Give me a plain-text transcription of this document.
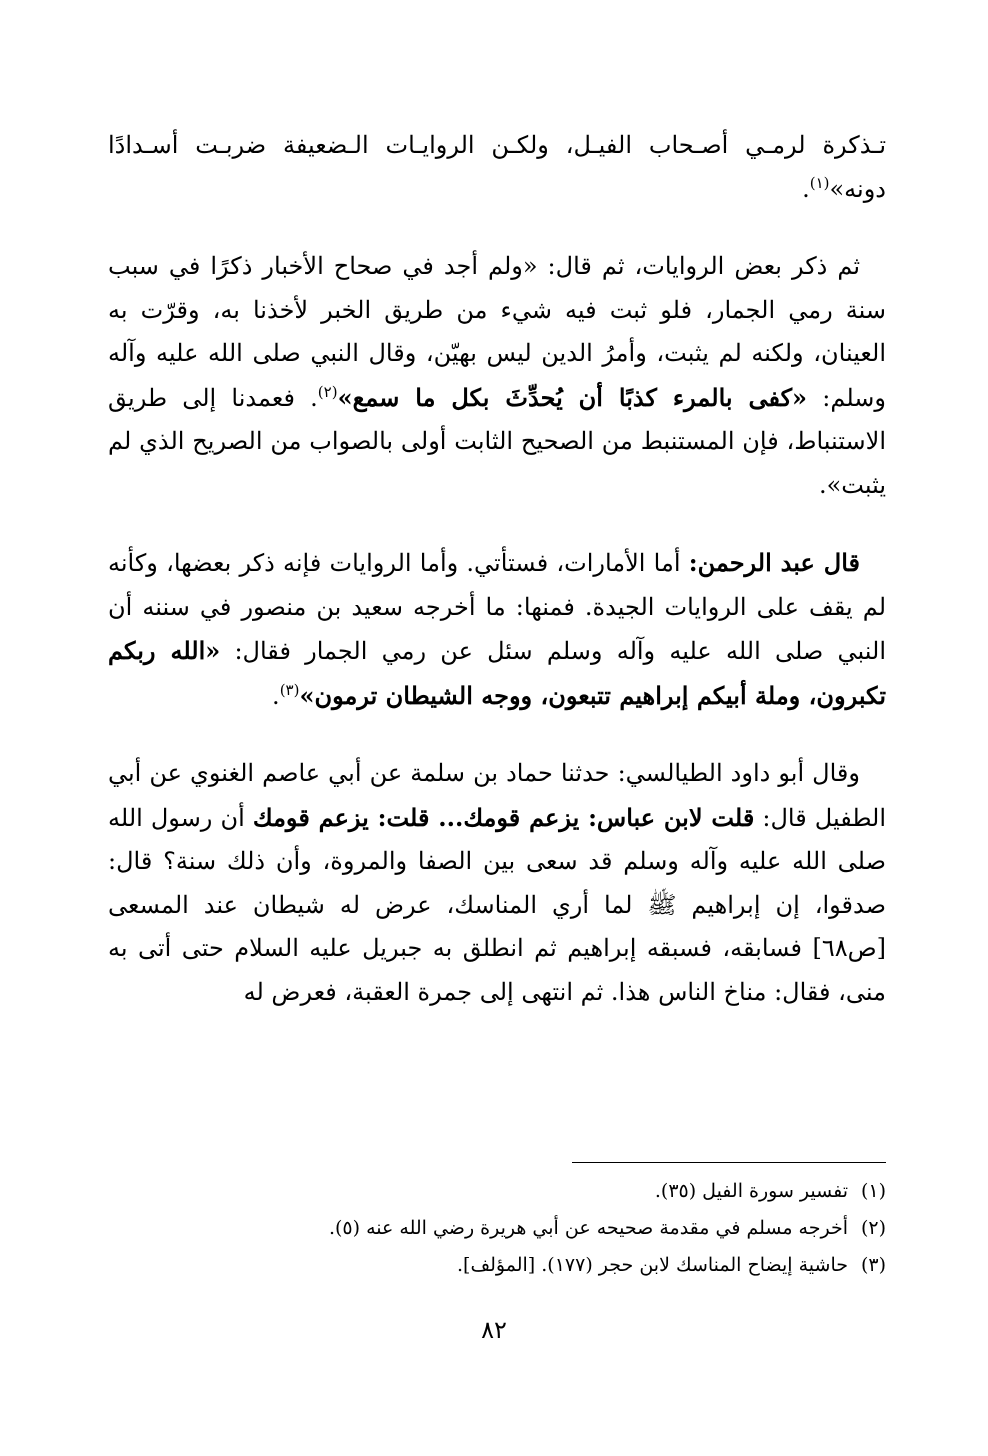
تـذكرة لرمـي أصـحاب الفيـل، ولكـن الروايـات الـضعيفة ضربـت أسـدادًا دونه»$^{(١)}$.

ثم ذكر بعض الروايات، ثم قال: «ولم أجد في صحاح الأخبار ذكرًا في سبب سنة رمي الجمار، فلو ثبت فيه شيء من طريق الخبر لأخذنا به، وقرّت به العينان، ولكنه لم يثبت، وأمرُ الدين ليس بهيّن، وقال النبي صلى الله عليه وآله وسلم: «كفى بالمرء كذبًا أن يُحدِّثَ بكل ما سمع»$^{(٢)}$. فعمدنا إلى طريق الاستنباط، فإن المستنبط من الصحيح الثابت أولى بالصواب من الصريح الذي لم يثبت».

قال عبد الرحمن: أما الأمارات، فستأتي. وأما الروايات فإنه ذكر بعضها، وكأنه لم يقف على الروايات الجيدة. فمنها: ما أخرجه سعيد بن منصور في سننه أن النبي صلى الله عليه وآله وسلم سئل عن رمي الجمار فقال: «الله ربكم تكبرون، وملة أبيكم إبراهيم تتبعون، ووجه الشيطان ترمون»$^{(٣)}$.

وقال أبو داود الطيالسي: حدثنا حماد بن سلمة عن أبي عاصم الغنوي عن أبي الطفيل قال: قلت لابن عباس: يزعم قومك... قلت: يزعم قومك أن رسول الله صلى الله عليه وآله وسلم قد سعى بين الصفا والمروة، وأن ذلك سنة؟ قال: صدقوا، إن إبراهيم ﷺ لما أري المناسك، عرض له شيطان عند المسعى [ص٦٨] فسابقه، فسبقه إبراهيم ثم انطلق به جبريل عليه السلام حتى أتى به منى، فقال: مناخ الناس هذا. ثم انتهى إلى جمرة العقبة، فعرض له

(١)تفسير سورة الفيل (٣٥).

(٢)أخرجه مسلم في مقدمة صحيحه عن أبي هريرة رضي الله عنه (٥).

(٣)حاشية إيضاح المناسك لابن حجر (١٧٧). [المؤلف].

٨٢
